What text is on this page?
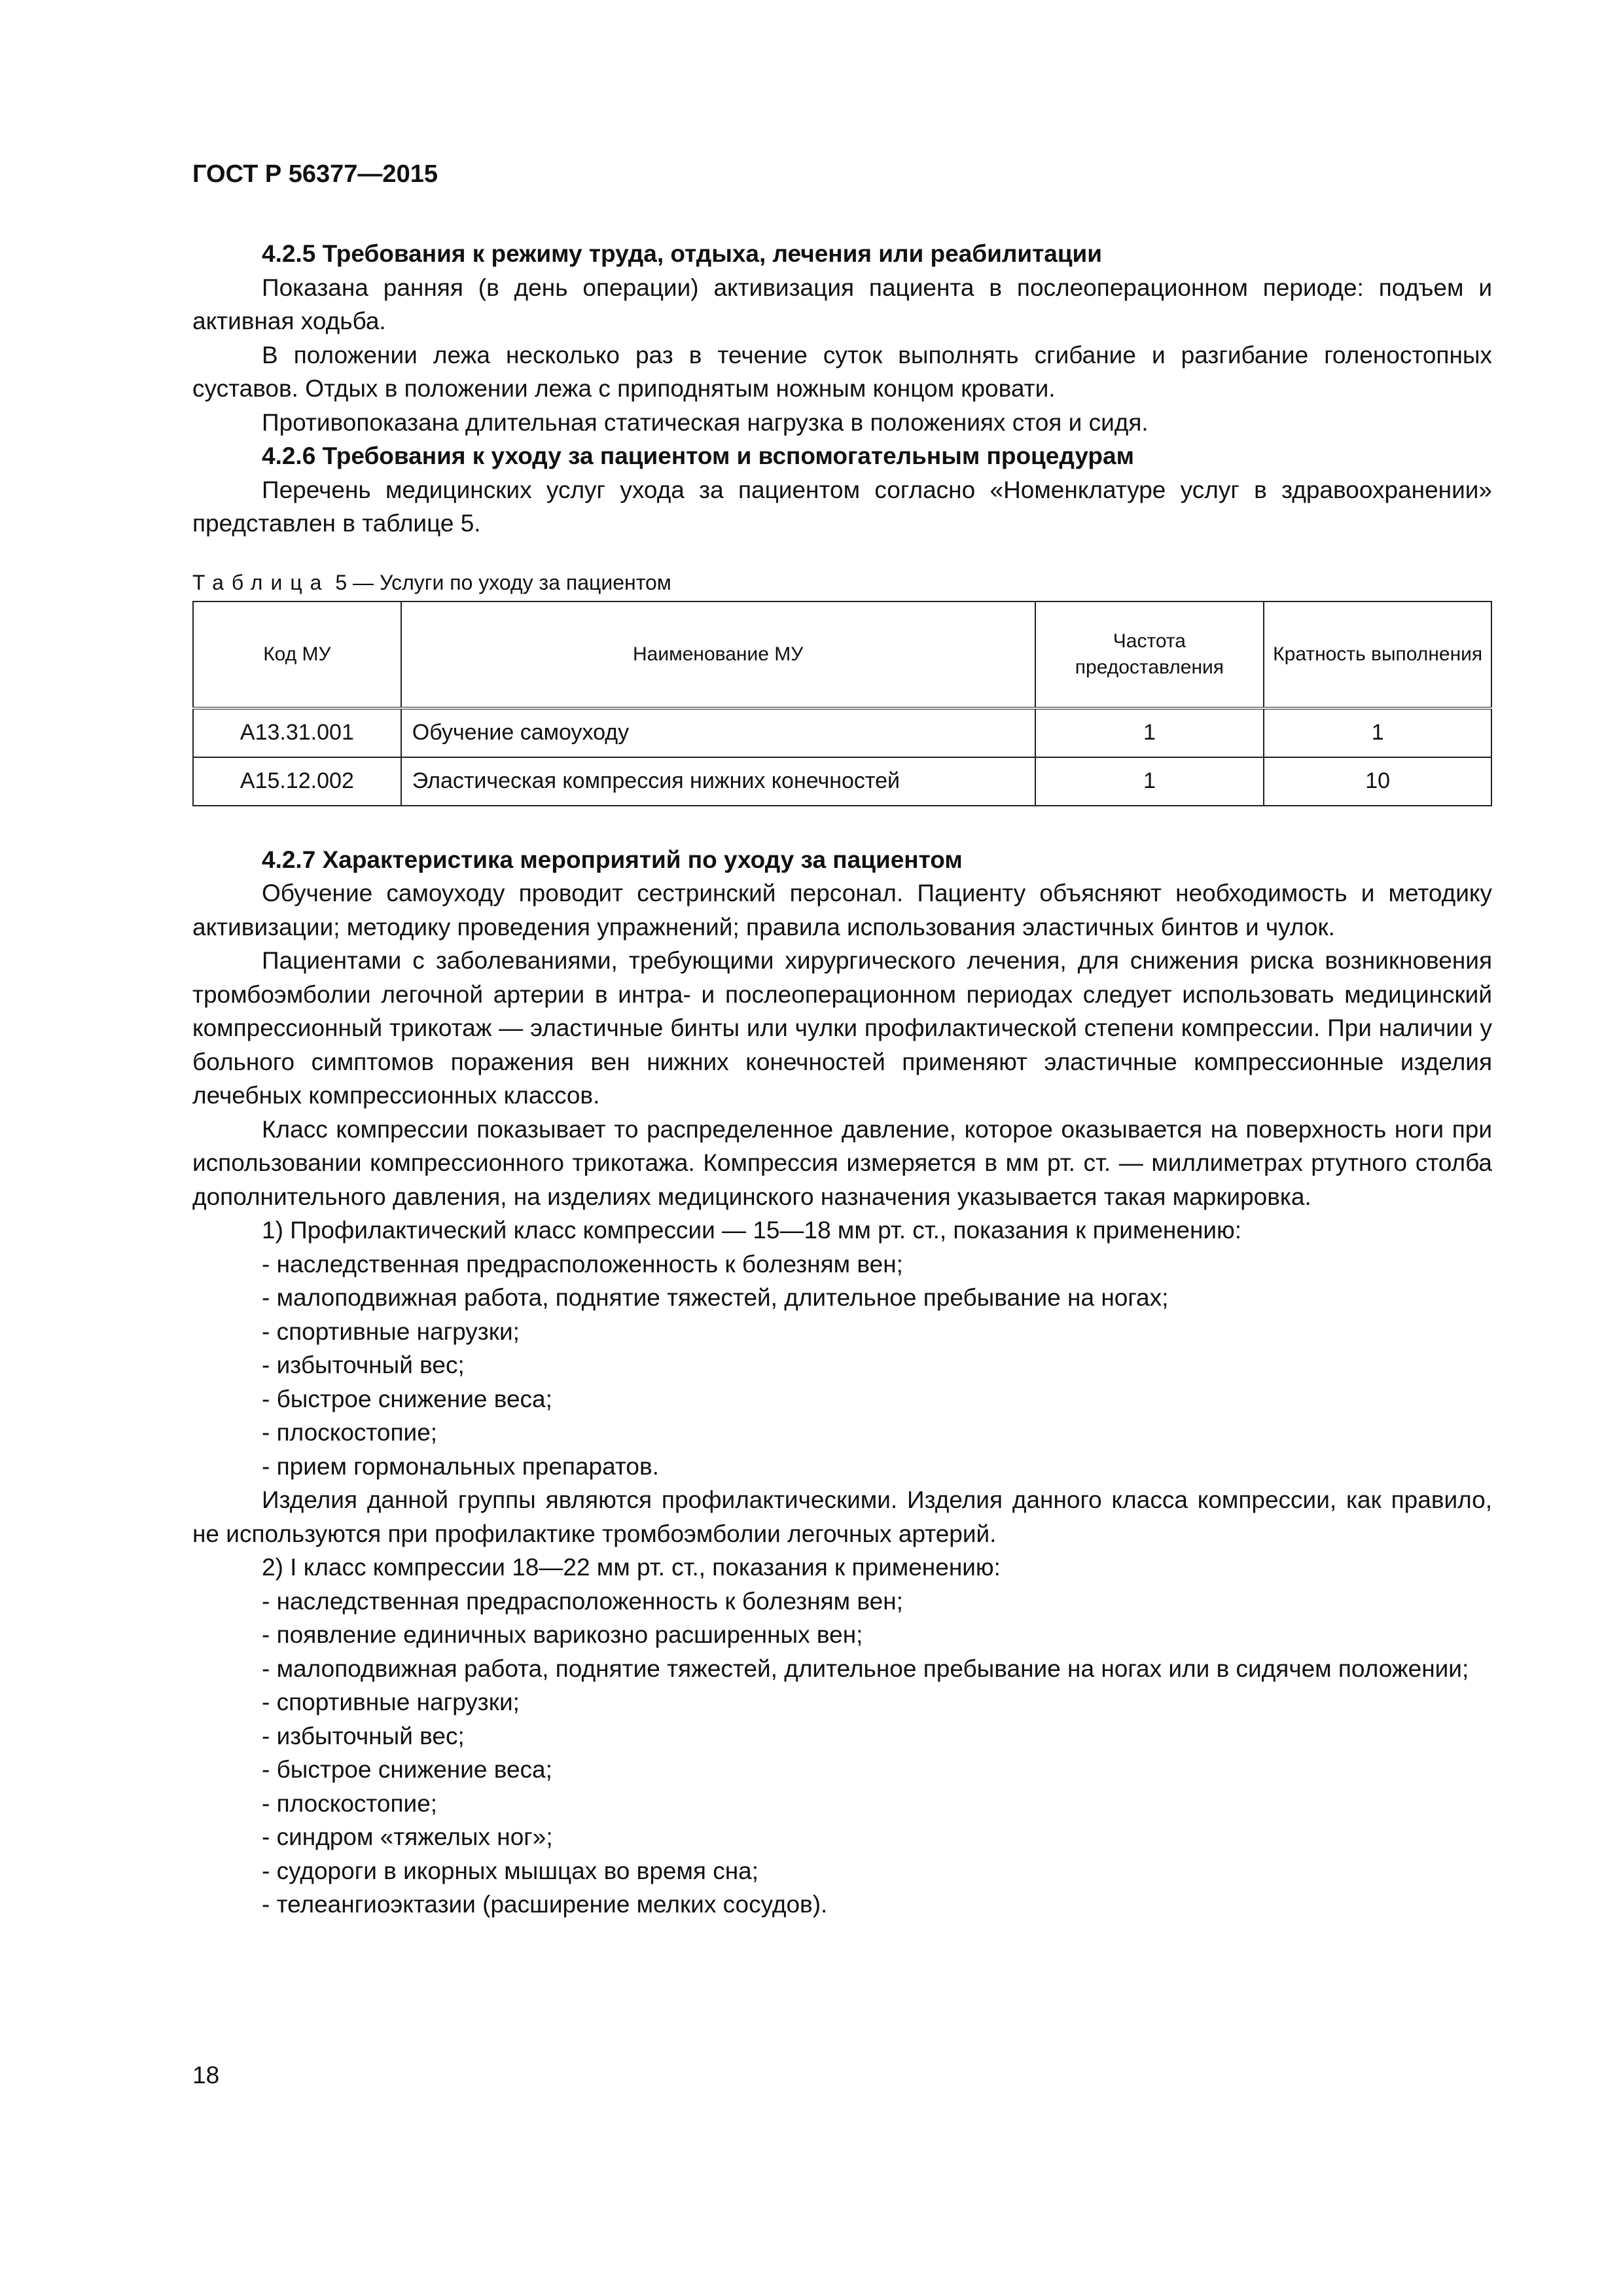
ГОСТ Р 56377—2015
4.2.5 Требования к режиму труда, отдыха, лечения или реабилитации

Показана ранняя (в день операции) активизация пациента в послеоперационном периоде: подъем и активная ходьба.

В положении лежа несколько раз в течение суток выполнять сгибание и разгибание голеностопных суставов. Отдых в положении лежа с приподнятым ножным концом кровати.

Противопоказана длительная статическая нагрузка в положениях стоя и сидя.

4.2.6 Требования к уходу за пациентом и вспомогательным процедурам

Перечень медицинских услуг ухода за пациентом согласно «Номенклатуре услуг в здравоохранении» представлен в таблице 5.

Таблица 5 — Услуги по уходу за пациентом
Код МУ	Наименование МУ	Частота предоставления	Кратность выполнения
А13.31.001	Обучение самоуходу	1	1
А15.12.002	Эластическая компрессия нижних конечностей	1	10
4.2.7 Характеристика мероприятий по уходу за пациентом

Обучение самоуходу проводит сестринский персонал. Пациенту объясняют необходимость и методику активизации; методику проведения упражнений; правила использования эластичных бинтов и чулок.

Пациентами с заболеваниями, требующими хирургического лечения, для снижения риска возникновения тромбоэмболии легочной артерии в интра- и послеоперационном периодах следует использовать медицинский компрессионный трикотаж — эластичные бинты или чулки профилактической степени компрессии. При наличии у больного симптомов поражения вен нижних конечностей применяют эластичные компрессионные изделия лечебных компрессионных классов.

Класс компрессии показывает то распределенное давление, которое оказывается на поверхность ноги при использовании компрессионного трикотажа. Компрессия измеряется в мм рт. ст. — миллиметрах ртутного столба дополнительного давления, на изделиях медицинского назначения указывается такая маркировка.

1) Профилактический класс компрессии — 15—18 мм рт. ст., показания к применению:

- наследственная предрасположенность к болезням вен;

- малоподвижная работа, поднятие тяжестей, длительное пребывание на ногах;

- спортивные нагрузки;

- избыточный вес;

- быстрое снижение веса;

- плоскостопие;

- прием гормональных препаратов.

Изделия данной группы являются профилактическими. Изделия данного класса компрессии, как правило, не используются при профилактике тромбоэмболии легочных артерий.

2) I класс компрессии 18—22 мм рт. ст., показания к применению:

- наследственная предрасположенность к болезням вен;

- появление единичных варикозно расширенных вен;

- малоподвижная работа, поднятие тяжестей, длительное пребывание на ногах или в сидячем положении;

- спортивные нагрузки;

- избыточный вес;

- быстрое снижение веса;

- плоскостопие;

- синдром «тяжелых ног»;

- судороги в икорных мышцах во время сна;

- телеангиоэктазии (расширение мелких сосудов).

18
